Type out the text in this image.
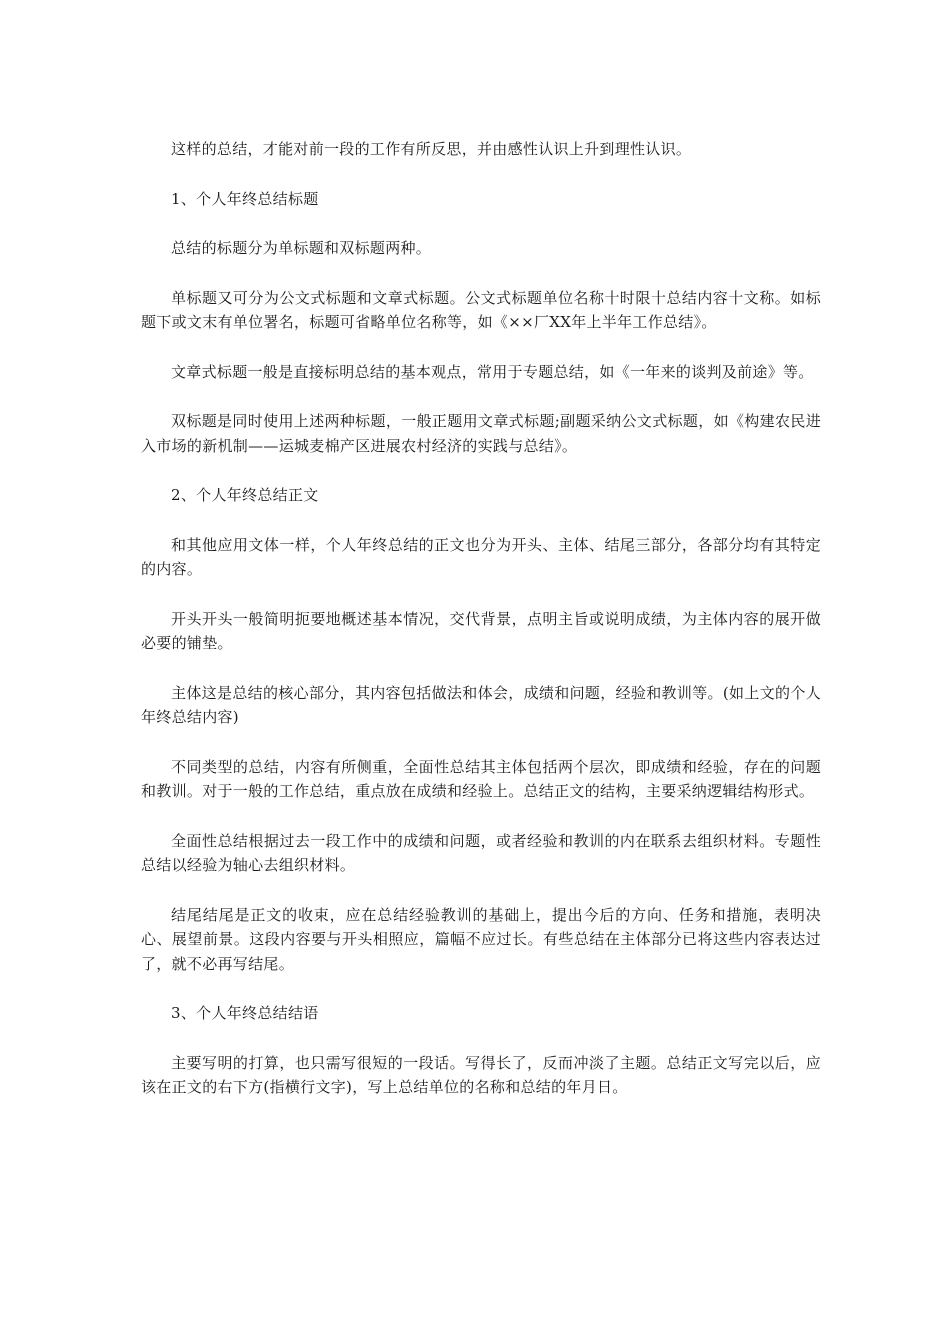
这样的总结，才能对前一段的工作有所反思，并由感性认识上升到理性认识。

1、个人年终总结标题

总结的标题分为单标题和双标题两种。

单标题又可分为公文式标题和文章式标题。公文式标题单位名称十时限十总结内容十文称。如标题下或文末有单位署名，标题可省略单位名称等，如《××厂XX年上半年工作总结》。

文章式标题一般是直接标明总结的基本观点，常用于专题总结，如《一年来的谈判及前途》等。

双标题是同时使用上述两种标题，一般正题用文章式标题;副题采纳公文式标题，如《构建农民进入市场的新机制——运城麦棉产区进展农村经济的实践与总结》。

2、个人年终总结正文

和其他应用文体一样，个人年终总结的正文也分为开头、主体、结尾三部分，各部分均有其特定的内容。

开头开头一般简明扼要地概述基本情况，交代背景，点明主旨或说明成绩，为主体内容的展开做必要的铺垫。

主体这是总结的核心部分，其内容包括做法和体会，成绩和问题，经验和教训等。(如上文的个人年终总结内容)

不同类型的总结，内容有所侧重，全面性总结其主体包括两个层次，即成绩和经验，存在的问题和教训。对于一般的工作总结，重点放在成绩和经验上。总结正文的结构，主要采纳逻辑结构形式。

全面性总结根据过去一段工作中的成绩和问题，或者经验和教训的内在联系去组织材料。专题性总结以经验为轴心去组织材料。

结尾结尾是正文的收束，应在总结经验教训的基础上，提出今后的方向、任务和措施，表明决心、展望前景。这段内容要与开头相照应，篇幅不应过长。有些总结在主体部分已将这些内容表达过了，就不必再写结尾。

3、个人年终总结结语

主要写明的打算，也只需写很短的一段话。写得长了，反而冲淡了主题。总结正文写完以后，应该在正文的右下方(指横行文字)，写上总结单位的名称和总结的年月日。
